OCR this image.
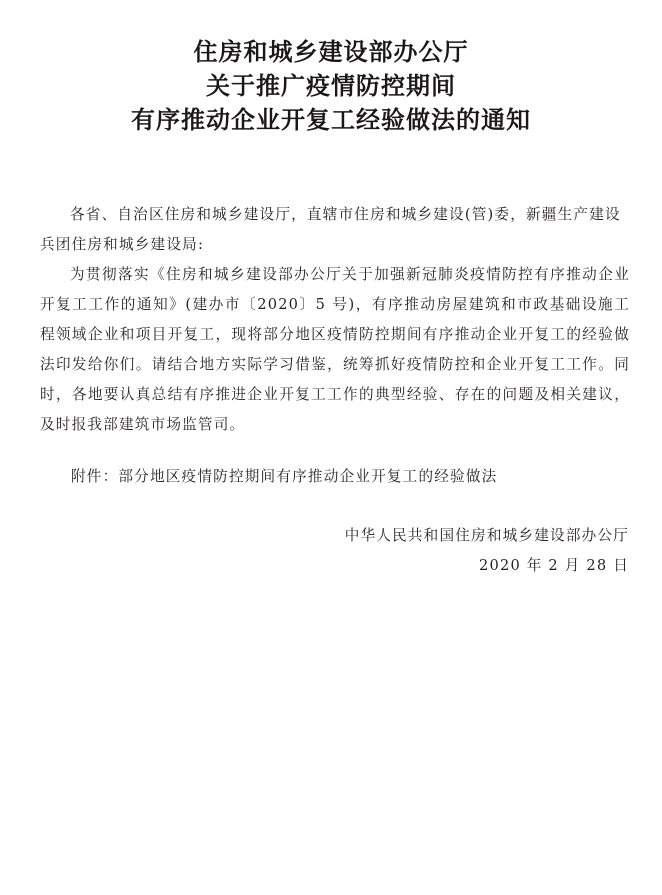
住房和城乡建设部办公厅
关于推广疫情防控期间
有序推动企业开复工经验做法的通知
各省、自治区住房和城乡建设厅，直辖市住房和城乡建设(管)委，新疆生产建设兵团住房和城乡建设局:
为贯彻落实《住房和城乡建设部办公厅关于加强新冠肺炎疫情防控有序推动企业开复工工作的通知》(建办市〔2020〕5 号)，有序推动房屋建筑和市政基础设施工程领域企业和项目开复工，现将部分地区疫情防控期间有序推动企业开复工的经验做法印发给你们。请结合地方实际学习借鉴，统筹抓好疫情防控和企业开复工工作。同时，各地要认真总结有序推进企业开复工工作的典型经验、存在的问题及相关建议，及时报我部建筑市场监管司。
附件：部分地区疫情防控期间有序推动企业开复工的经验做法
中华人民共和国住房和城乡建设部办公厅
2020 年 2 月 28 日
